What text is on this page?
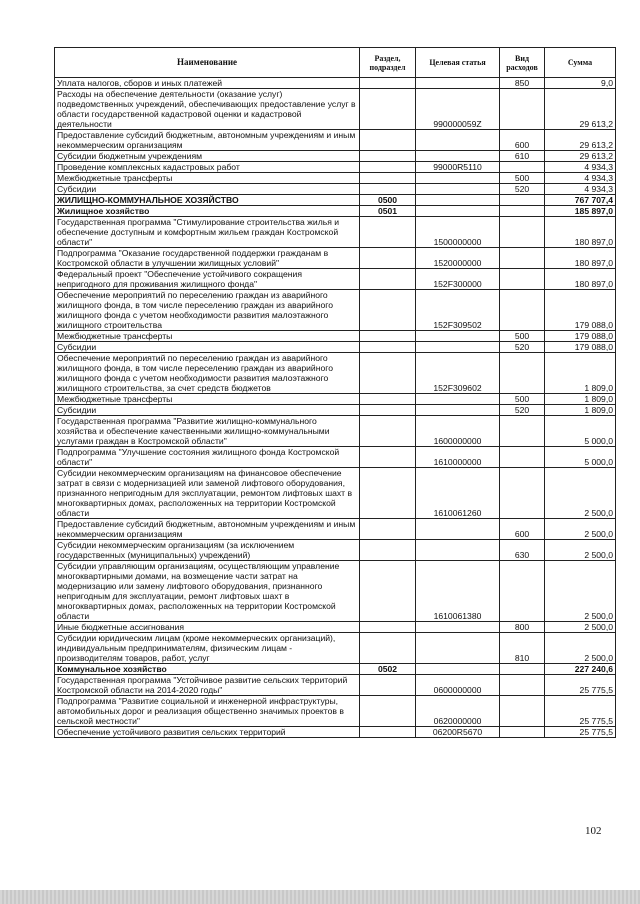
Наименование	Раздел, подраздел	Целевая статья	Вид расходов	Сумма
Уплата налогов, сборов и иных платежей			850	9,0
Расходы на обеспечение деятельности (оказание услуг) подведомственных учреждений, обеспечивающих предоставление услуг в области государственной кадастровой оценки и кадастровой деятельности		990000059Z		29 613,2
Предоставление субсидий бюджетным, автономным учреждениям и иным некоммерческим организациям			600	29 613,2
Субсидии бюджетным учреждениям			610	29 613,2
Проведение комплексных кадастровых работ		99000R5110		4 934,3
Межбюджетные трансферты			500	4 934,3
Субсидии			520	4 934,3
ЖИЛИЩНО-КОММУНАЛЬНОЕ ХОЗЯЙСТВО	0500			767 707,4
Жилищное хозяйство	0501			185 897,0
Государственная программа "Стимулирование строительства жилья и обеспечение доступным и комфортным жильем граждан Костромской области"		1500000000		180 897,0
Подпрограмма "Оказание государственной поддержки гражданам в Костромской области в улучшении жилищных условий"		1520000000		180 897,0
Федеральный проект "Обеспечение устойчивого сокращения непригодного для проживания жилищного фонда"		152F300000		180 897,0
Обеспечение мероприятий по переселению граждан из аварийного жилищного фонда, в том числе переселению граждан из аварийного жилищного фонда с учетом необходимости развития малоэтажного жилищного строительства		152F309502		179 088,0
Межбюджетные трансферты			500	179 088,0
Субсидии			520	179 088,0
Обеспечение мероприятий по переселению граждан из аварийного жилищного фонда, в том числе переселению граждан из аварийного жилищного фонда с учетом необходимости развития малоэтажного жилищного строительства, за счет средств бюджетов		152F309602		1 809,0
Межбюджетные трансферты			500	1 809,0
Субсидии			520	1 809,0
Государственная программа "Развитие жилищно-коммунального хозяйства и обеспечение качественными жилищно-коммунальными услугами граждан в Костромской области"		1600000000		5 000,0
Подпрограмма "Улучшение состояния жилищного фонда Костромской области"		1610000000		5 000,0
Субсидии некоммерческим организациям на финансовое обеспечение затрат в связи с модернизацией или заменой лифтового оборудования, признанного непригодным для эксплуатации, ремонтом лифтовых шахт в многоквартирных домах, расположенных на территории Костромской области		1610061260		2 500,0
Предоставление субсидий бюджетным, автономным учреждениям и иным некоммерческим организациям			600	2 500,0
Субсидии некоммерческим организациям (за исключением государственных (муниципальных) учреждений)			630	2 500,0
Субсидии управляющим организациям, осуществляющим управление многоквартирными домами, на возмещение части затрат на модернизацию или замену лифтового оборудования, признанного непригодным для эксплуатации, ремонт лифтовых шахт в многоквартирных домах, расположенных на территории Костромской области		1610061380		2 500,0
Иные бюджетные ассигнования			800	2 500,0
Субсидии юридическим лицам (кроме некоммерческих организаций), индивидуальным предпринимателям, физическим лицам - производителям товаров, работ, услуг			810	2 500,0
Коммунальное хозяйство	0502			227 240,6
Государственная программа "Устойчивое развитие сельских территорий Костромской области на 2014-2020 годы"		0600000000		25 775,5
Подпрограмма "Развитие социальной и инженерной инфраструктуры, автомобильных дорог и реализация общественно значимых проектов в сельской местности"		0620000000		25 775,5
Обеспечение устойчивого развития сельских территорий		06200R5670		25 775,5
102
